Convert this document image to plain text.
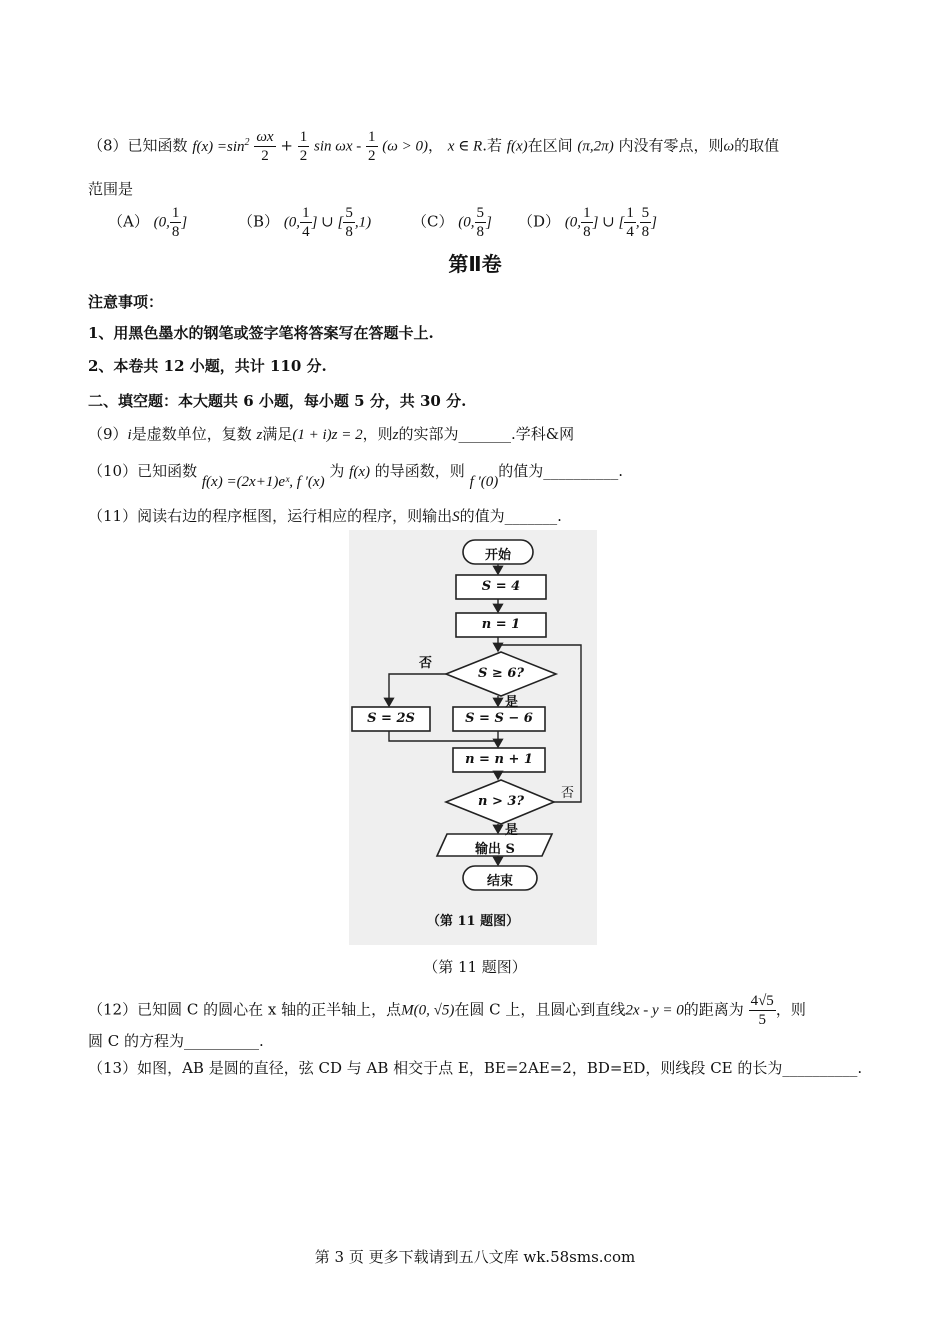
（8）已知函数 $f(x) =\sin^2 \frac{\omega x}{2} + \frac{1}{2}$ $\sin \omega x - \frac{1}{2} (\omega > 0)$， x ∈ R.若 f(x)在区间 (π,2π) 内没有零点，则ω的取值
范围是
（A） (0, $\frac{1}{8}$ ]	（B） (0, $\frac{1}{4}$ ] ∪ [ $\frac{5}{8} ,1$)	（C） (0, $\frac{5}{8}$ ] （D） (0, $\frac{1}{8}$ ] ∪ [ $\frac{1}{4}$ , $\frac{5}{8}$ ]
第Ⅱ卷
注意事项：
1、用黑色墨水的钢笔或签字笔将答案写在答题卡上.
2、本卷共 12 小题，共计 110 分.
二、填空题：本大题共 6 小题，每小题 5 分，共 30 分.
（9）i是虚数单位，复数 z满足(1 + i)z = 2，则z的实部为_______.学科&网
（10）已知函数 f(x) =(2x+1)eˣ, f ′(x) 为 f(x) 的导函数，则 f ′(0)的值为__________.
（11）阅读右边的程序框图，运行相应的程序，则输出S的值为_______.
开始
S = 4
n = 1
S ≥ 6?
否
是
S = 2S	S = S − 6
n = n + 1
n > 3?
否
是
输出 S
结束
（第 11 题图）
（第 11 题图）
（12）已知圆 C 的圆心在 x 轴的正半轴上，点M(0, √5)在圆 C 上，且圆心到直线2x - y = 0的距离为 $\frac{4√5}{5}$ ，则
圆 C 的方程为__________.
（13）如图，AB 是圆的直径，弦 CD 与 AB 相交于点 E，BE=2AE=2，BD=ED，则线段 CE 的长为__________.
第 3 页 更多下载请到五八文库 wk.58sms.com
